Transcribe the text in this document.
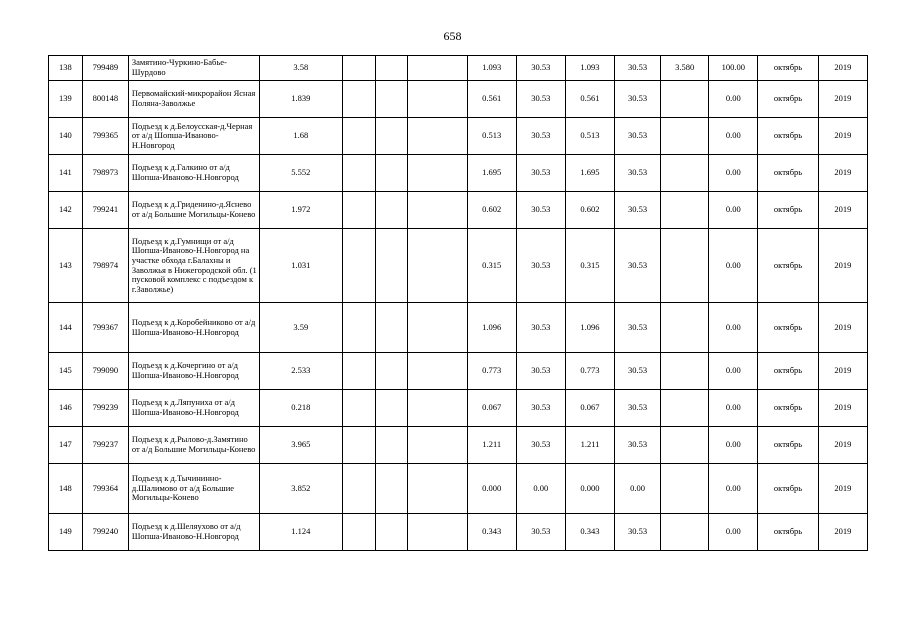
658
138	799489	Замятино-Чуркино-Бабье-Шурдово	3.58				1.093	30.53	1.093	30.53	3.580	100.00	октябрь	2019
139	800148	Первомайский-микрорайон Ясная Поляна-Заволжье	1.839				0.561	30.53	0.561	30.53		0.00	октябрь	2019
140	799365	Подъезд к д.Белоусская-д.Черная от а/д Шопша-Иваново-Н.Новгород	1.68				0.513	30.53	0.513	30.53		0.00	октябрь	2019
141	798973	Подъезд к д.Галкино от а/д Шопша-Иваново-Н.Новгород	5.552				1.695	30.53	1.695	30.53		0.00	октябрь	2019
142	799241	Подъезд к д.Гриденино-д.Яснево от а/д Большие Могильцы-Конево	1.972				0.602	30.53	0.602	30.53		0.00	октябрь	2019
143	798974	Подъезд к д.Гумнищи от а/д Шопша-Иваново-Н.Новгород на участке обхода г.Балахны и Заволжья в Нижегородской обл. (1 пусковой комплекс с подъездом к г.Заволжье)	1.031				0.315	30.53	0.315	30.53		0.00	октябрь	2019
144	799367	Подъезд к д.Коробейниково от а/д Шопша-Иваново-Н.Новгород	3.59				1.096	30.53	1.096	30.53		0.00	октябрь	2019
145	799090	Подъезд к д.Кочергино от а/д Шопша-Иваново-Н.Новгород	2.533				0.773	30.53	0.773	30.53		0.00	октябрь	2019
146	799239	Подъезд к д.Ляпуниха от а/д Шопша-Иваново-Н.Новгород	0.218				0.067	30.53	0.067	30.53		0.00	октябрь	2019
147	799237	Подъезд к д.Рылово-д.Замятино от а/д Большие Могильцы-Конево	3.965				1.211	30.53	1.211	30.53		0.00	октябрь	2019
148	799364	Подъезд к д.Тычининно-д.Шалимово от а/д Большие Могильцы-Конево	3.852				0.000	0.00	0.000	0.00		0.00	октябрь	2019
149	799240	Подъезд к д.Шеляухово от а/д Шопша-Иваново-Н.Новгород	1.124				0.343	30.53	0.343	30.53		0.00	октябрь	2019
